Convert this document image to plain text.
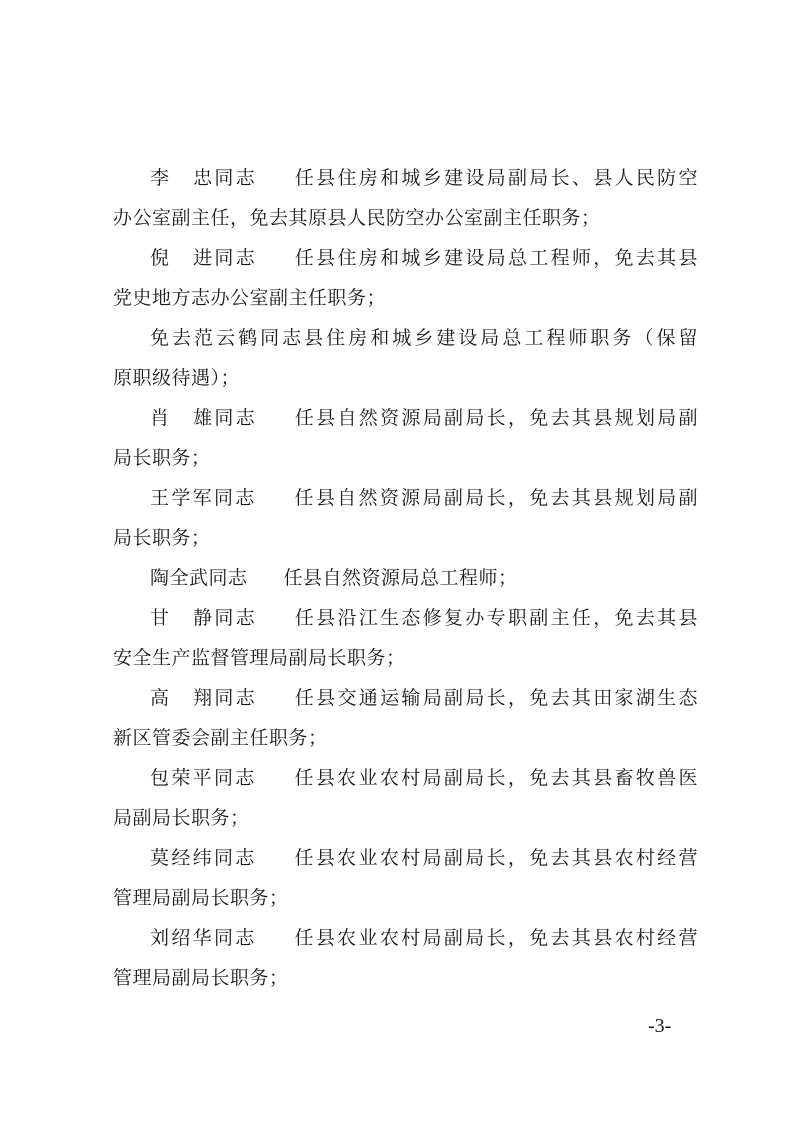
李 忠同志 任县住房和城乡建设局副局长、县人民防空
办公室副主任，免去其原县人民防空办公室副主任职务；
倪 进同志 任县住房和城乡建设局总工程师，免去其县
党史地方志办公室副主任职务；
免去范云鹤同志县住房和城乡建设局总工程师职务（保留
原职级待遇）；
肖 雄同志 任县自然资源局副局长，免去其县规划局副
局长职务；
王学军同志 任县自然资源局副局长，免去其县规划局副
局长职务；
陶全武同志 任县自然资源局总工程师；
甘 静同志 任县沿江生态修复办专职副主任，免去其县
安全生产监督管理局副局长职务；
高 翔同志 任县交通运输局副局长，免去其田家湖生态
新区管委会副主任职务；
包荣平同志 任县农业农村局副局长，免去其县畜牧兽医
局副局长职务；
莫经纬同志 任县农业农村局副局长，免去其县农村经营
管理局副局长职务；
刘绍华同志 任县农业农村局副局长，免去其县农村经营
管理局副局长职务；
-3-
